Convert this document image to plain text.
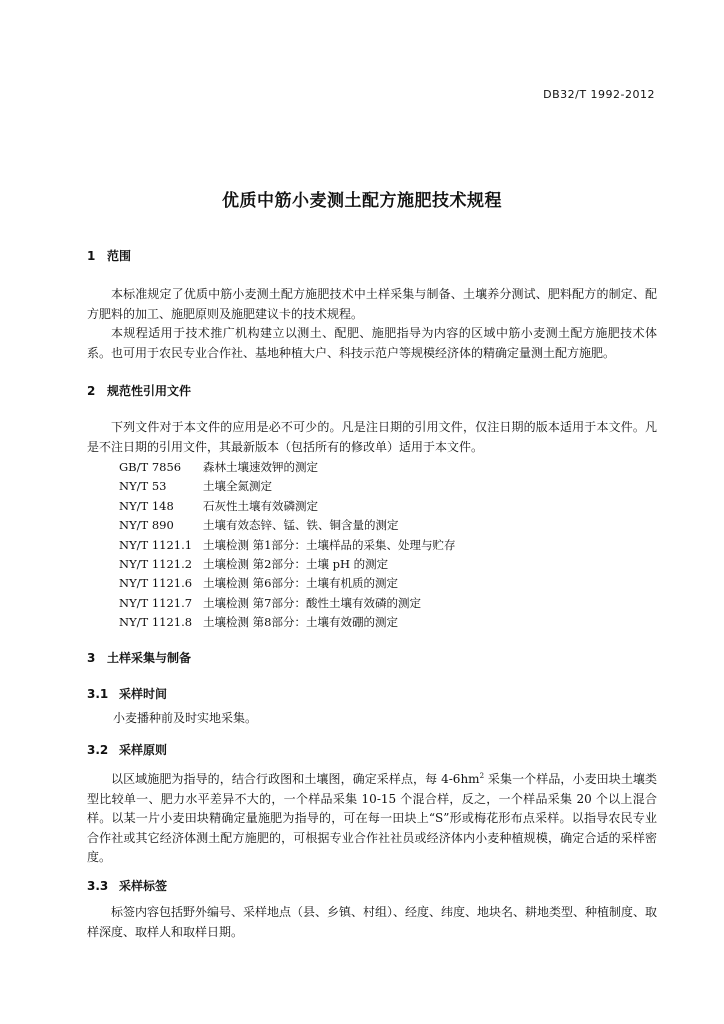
DB32/T 1992-2012
优质中筋小麦测土配方施肥技术规程
1 范围

本标准规定了优质中筋小麦测土配方施肥技术中土样采集与制备、土壤养分测试、肥料配方的制定、配方肥料的加工、施肥原则及施肥建议卡的技术规程。

本规程适用于技术推广机构建立以测土、配肥、施肥指导为内容的区域中筋小麦测土配方施肥技术体系。也可用于农民专业合作社、基地种植大户、科技示范户等规模经济体的精确定量测土配方施肥。

2 规范性引用文件

下列文件对于本文件的应用是必不可少的。凡是注日期的引用文件，仅注日期的版本适用于本文件。凡是不注日期的引用文件，其最新版本（包括所有的修改单）适用于本文件。

GB/T 7856 森林土壤速效钾的测定
NY/T 53	土壤全氮测定
NY/T 148	石灰性土壤有效磷测定
NY/T 890	土壤有效态锌、锰、铁、铜含量的测定
NY/T 1121.1 土壤检测 第1部分：土壤样品的采集、处理与贮存
NY/T 1121.2 土壤检测 第2部分：土壤 pH 的测定
NY/T 1121.6 土壤检测 第6部分：土壤有机质的测定
NY/T 1121.7 土壤检测 第7部分：酸性土壤有效磷的测定
NY/T 1121.8 土壤检测 第8部分：土壤有效硼的测定
3 土样采集与制备
3.1 采样时间

小麦播种前及时实地采集。

3.2 采样原则

以区域施肥为指导的，结合行政图和土壤图，确定采样点，每 $4-6hm^2$ 采集一个样品，小麦田块土壤类型比较单一、肥力水平差异不大的，一个样品采集 10-15 个混合样，反之，一个样品采集 20 个以上混合样。以某一片小麦田块精确定量施肥为指导的，可在每一田块上“S”形或梅花形布点采样。以指导农民专业合作社或其它经济体测土配方施肥的，可根据专业合作社社员或经济体内小麦种植规模，确定合适的采样密度。

3.3 采样标签

标签内容包括野外编号、采样地点（县、乡镇、村组）、经度、纬度、地块名、耕地类型、种植制度、取样深度、取样人和取样日期。
